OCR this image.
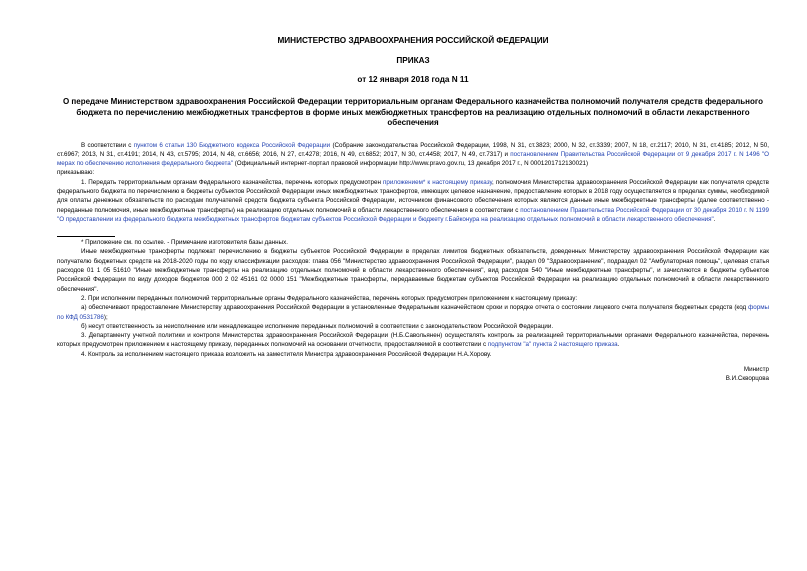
МИНИСТЕРСТВО ЗДРАВООХРАНЕНИЯ РОССИЙСКОЙ ФЕДЕРАЦИИ

ПРИКАЗ

от 12 января 2018 года N 11

О передаче Министерством здравоохранения Российской Федерации территориальным органам Федерального казначейства полномочий получателя средств федерального бюджета по перечислению межбюджетных трансфертов в форме иных межбюджетных трансфертов на реализацию отдельных полномочий в области лекарственного обеспечения

В соответствии с пунктом 6 статьи 130 Бюджетного кодекса Российской Федерации (Собрание законодательства Российской Федерации, 1998, N 31, ст.3823; 2000, N 32, ст.3339; 2007, N 18, ст.2117; 2010, N 31, ст.4185; 2012, N 50, ст.6967; 2013, N 31, ст.4191; 2014, N 43, ст.5795; 2014, N 48, ст.6656; 2016, N 27, ст.4278; 2016, N 49, ст.6852; 2017, N 30, ст.4458; 2017, N 49, ст.7317) и постановлением Правительства Российской Федерации от 9 декабря 2017 г. N 1496 "О мерах по обеспечению исполнения федерального бюджета" (Официальный интернет-портал правовой информации http://www.pravo.gov.ru, 13 декабря 2017 г., N 0001201712130021)

приказываю:

1. Передать территориальным органам Федерального казначейства, перечень которых предусмотрен приложением* к настоящему приказу, полномочия Министерства здравоохранения Российской Федерации как получателя средств федерального бюджета по перечислению в бюджеты субъектов Российской Федерации иных межбюджетных трансфертов, имеющих целевое назначение, предоставление которых в 2018 году осуществляется в пределах суммы, необходимой для оплаты денежных обязательств по расходам получателей средств бюджета субъекта Российской Федерации, источником финансового обеспечения которых являются данные иные межбюджетные трансферты (далее соответственно - переданные полномочия, иные межбюджетные трансферты) на реализацию отдельных полномочий в области лекарственного обеспечения в соответствии с постановлением Правительства Российской Федерации от 30 декабря 2010 г. N 1199 "О предоставлении из федерального бюджета межбюджетных трансфертов бюджетам субъектов Российской Федерации и бюджету г.Байконура на реализацию отдельных полномочий в области лекарственного обеспечения".

* Приложение см. по ссылке. - Примечание изготовителя базы данных.

Иные межбюджетные трансферты подлежат перечислению в бюджеты субъектов Российской Федерации в пределах лимитов бюджетных обязательств, доведенных Министерству здравоохранения Российской Федерации как получателю бюджетных средств на 2018-2020 годы по коду классификации расходов: глава 056 "Министерство здравоохранения Российской Федерации", раздел 09 "Здравоохранение", подраздел 02 "Амбулаторная помощь", целевая статья расходов 01 1 05 51610 "Иные межбюджетные трансферты на реализацию отдельных полномочий в области лекарственного обеспечения", вид расходов 540 "Иные межбюджетные трансферты", и зачисляются в бюджеты субъектов Российской Федерации по виду доходов бюджетов 000 2 02 45161 02 0000 151 "Межбюджетные трансферты, передаваемые бюджетам субъектов Российской Федерации на реализацию отдельных полномочий в области лекарственного обеспечения".

2. При исполнении переданных полномочий территориальные органы Федерального казначейства, перечень которых предусмотрен приложением к настоящему приказу:

а) обеспечивают предоставление Министерству здравоохранения Российской Федерации в установленные Федеральным казначейством сроки и порядке отчета о состоянии лицевого счета получателя бюджетных средств (код формы по КФД 0531786);

б) несут ответственность за неисполнение или ненадлежащее исполнение переданных полномочий в соответствии с законодательством Российской Федерации.

3. Департаменту учетной политики и контроля Министерства здравоохранения Российской Федерации (Н.Б.Савольянен) осуществлять контроль за реализацией территориальными органами Федерального казначейства, перечень которых предусмотрен приложением к настоящему приказу, переданных полномочий на основании отчетности, предоставляемой в соответствии с подпунктом "а" пункта 2 настоящего приказа.

4. Контроль за исполнением настоящего приказа возложить на заместителя Министра здравоохранения Российской Федерации Н.А.Хорову.

Министр
В.И.Скворцова
